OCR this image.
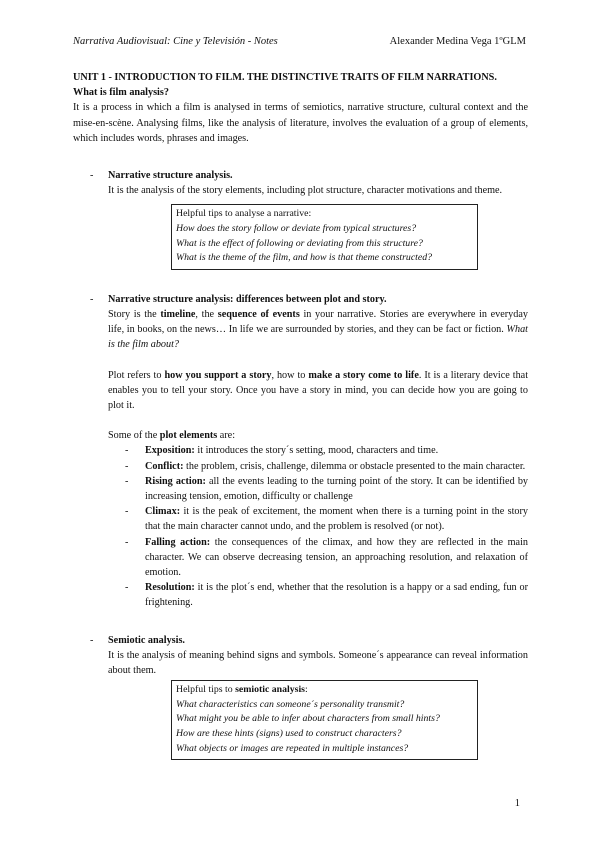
Narrativa Audiovisual: Cine y Televisión - Notes	Alexander Medina Vega 1ºGLM

UNIT 1 - INTRODUCTION TO FILM. THE DISTINCTIVE TRAITS OF FILM NARRATIONS.

What is film analysis?

It is a process in which a film is analysed in terms of semiotics, narrative structure, cultural context and the mise-en-scène. Analysing films, like the analysis of literature, involves the evaluation of a group of elements, which includes words, phrases and images.

- Narrative structure analysis.

It is the analysis of the story elements, including plot structure, character motivations and theme.

Helpful tips to analyse a narrative:
How does the story follow or deviate from typical structures?
What is the effect of following or deviating from this structure?
What is the theme of the film, and how is that theme constructed?
- Narrative structure analysis: differences between plot and story.

Story is the timeline, the sequence of events in your narrative. Stories are everywhere in everyday life, in books, on the news… In life we are surrounded by stories, and they can be fact or fiction. What is the film about?

Plot refers to how you support a story, how to make a story come to life. It is a literary device that enables you to tell your story. Once you have a story in mind, you can decide how you are going to plot it.

Some of the plot elements are:

- Exposition: it introduces the story´s setting, mood, characters and time.
- Conflict: the problem, crisis, challenge, dilemma or obstacle presented to the main character.
- Rising action: all the events leading to the turning point of the story. It can be identified by increasing tension, emotion, difficulty or challenge
- Climax: it is the peak of excitement, the moment when there is a turning point in the story that the main character cannot undo, and the problem is resolved (or not).
- Falling action: the consequences of the climax, and how they are reflected in the main character. We can observe decreasing tension, an approaching resolution, and relaxation of emotion.
- Resolution: it is the plot´s end, whether that the resolution is a happy or a sad ending, fun or frightening.
- Semiotic analysis.

It is the analysis of meaning behind signs and symbols. Someone´s appearance can reveal information about them.

Helpful tips to semiotic analysis:
What characteristics can someone´s personality transmit?
What might you be able to infer about characters from small hints?
How are these hints (signs) used to construct characters?
What objects or images are repeated in multiple instances?
1
